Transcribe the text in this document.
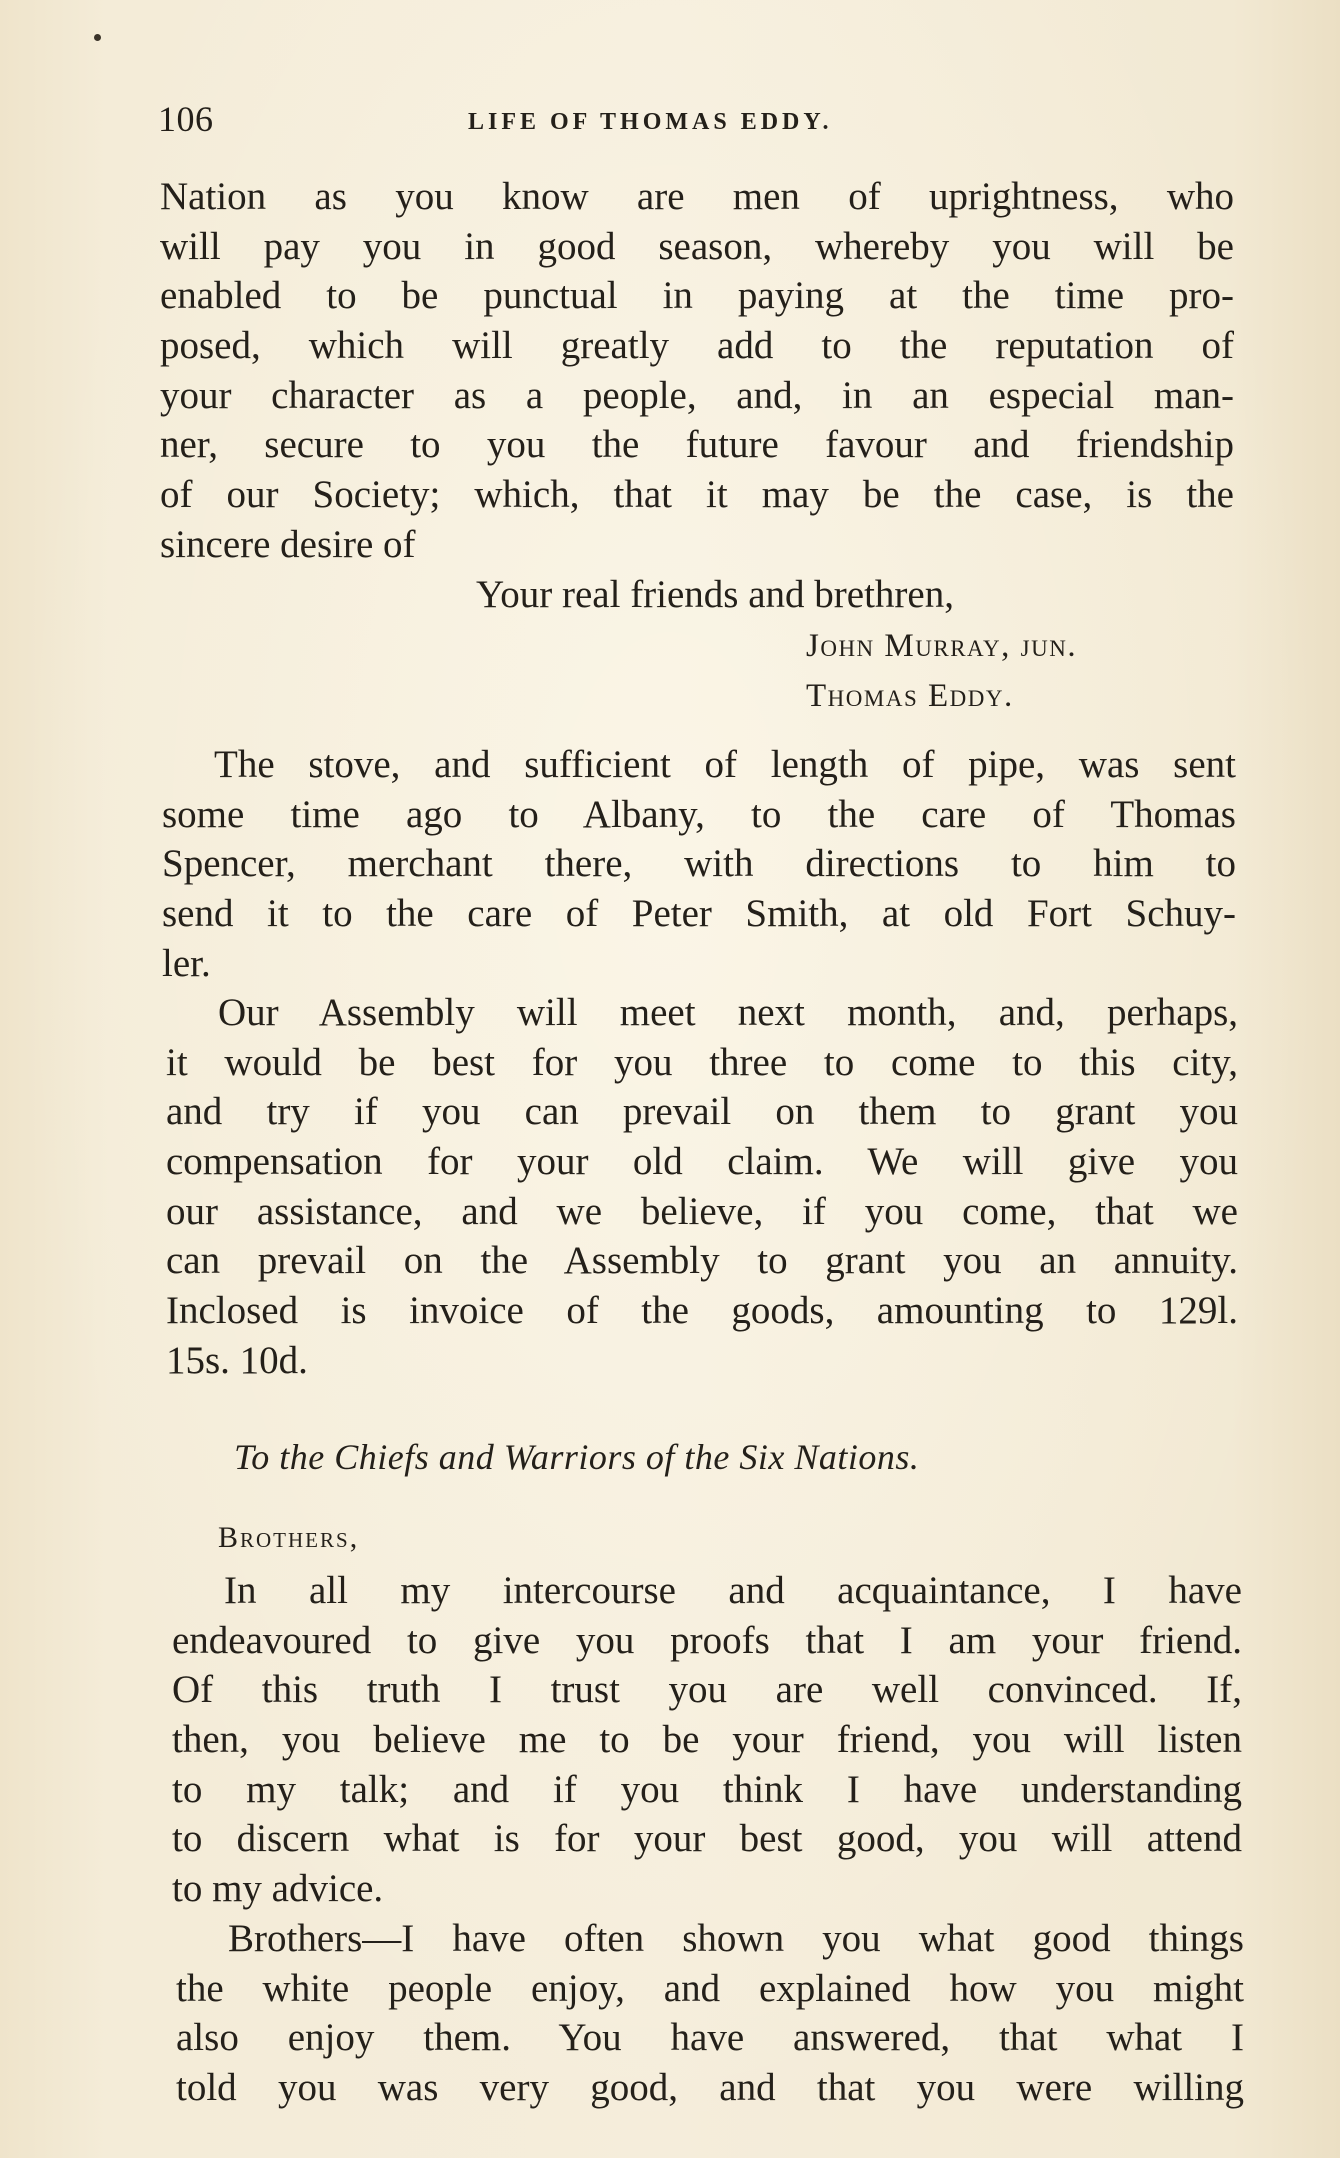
106	LIFE OF THOMAS EDDY.
Nation as you know are men of uprightness, who
will pay you in good season, whereby you will be
enabled to be punctual in paying at the time pro-
posed, which will greatly add to the reputation of
your character as a people, and, in an especial man-
ner, secure to you the future favour and friendship
of our Society; which, that it may be the case, is the
sincere desire of
Your real friends and brethren,
John Murray, jun.
Thomas Eddy.
The stove, and sufficient of length of pipe, was sent
some time ago to Albany, to the care of Thomas
Spencer, merchant there, with directions to him to
send it to the care of Peter Smith, at old Fort Schuy-
ler.
Our Assembly will meet next month, and, perhaps,
it would be best for you three to come to this city,
and try if you can prevail on them to grant you
compensation for your old claim. We will give you
our assistance, and we believe, if you come, that we
can prevail on the Assembly to grant you an annuity.
Inclosed is invoice of the goods, amounting to 129l.
15s. 10d.
To the Chiefs and Warriors of the Six Nations.
Brothers,
In all my intercourse and acquaintance, I have
endeavoured to give you proofs that I am your friend.
Of this truth I trust you are well convinced. If,
then, you believe me to be your friend, you will listen
to my talk; and if you think I have understanding
to discern what is for your best good, you will attend
to my advice.
Brothers—I have often shown you what good things
the white people enjoy, and explained how you might
also enjoy them. You have answered, that what I
told you was very good, and that you were willing
